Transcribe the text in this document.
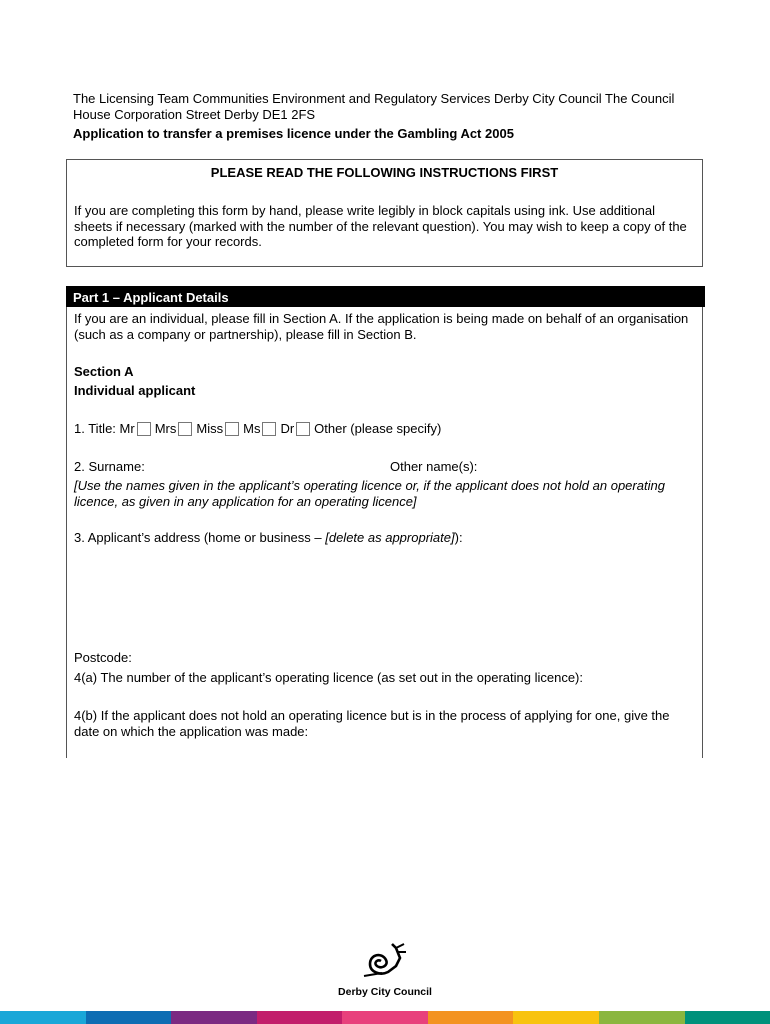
The Licensing Team Communities Environment and Regulatory Services Derby City Council The Council House Corporation Street Derby DE1 2FS
Application to transfer a premises licence under the Gambling Act 2005
PLEASE READ THE FOLLOWING INSTRUCTIONS FIRST
If you are completing this form by hand, please write legibly in block capitals using ink. Use additional sheets if necessary (marked with the number of the relevant question). You may wish to keep a copy of the completed form for your records.
Part 1 – Applicant Details
If you are an individual, please fill in Section A. If the application is being made on behalf of an organisation (such as a company or partnership), please fill in Section B.
Section A
Individual applicant
1. Title: Mr Mrs Miss Ms Dr Other (please specify)
2. Surname:	Other name(s):
[Use the names given in the applicant’s operating licence or, if the applicant does not hold an operating licence, as given in any application for an operating licence]
3. Applicant’s address (home or business – [delete as appropriate]):
Postcode:
4(a) The number of the applicant’s operating licence (as set out in the operating licence):
4(b) If the applicant does not hold an operating licence but is in the process of applying for one, give the date on which the application was made:
Derby City Council
